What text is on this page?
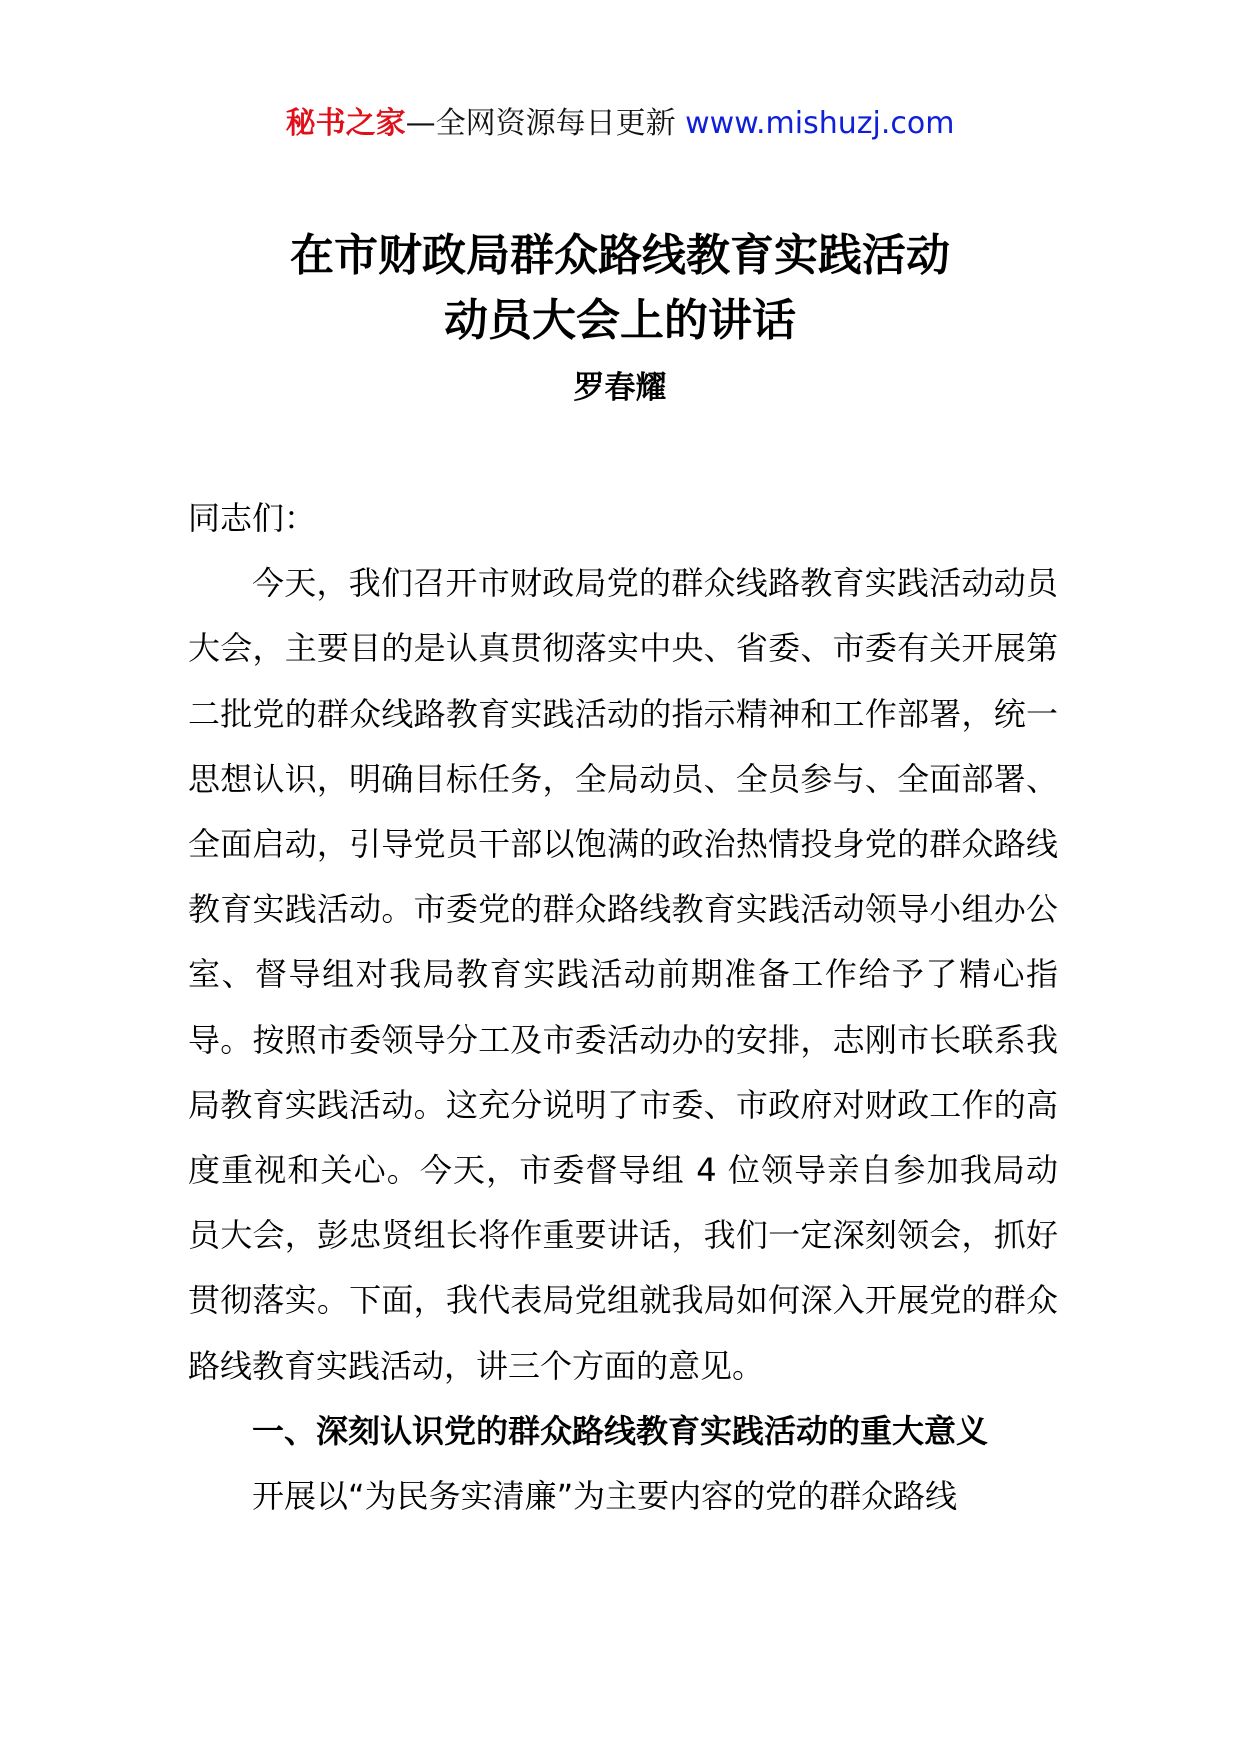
秘书之家—全网资源每日更新 www.mishuzj.com
在市财政局群众路线教育实践活动
动员大会上的讲话
罗春耀

同志们：

今天，我们召开市财政局党的群众线路教育实践活动动员大会，主要目的是认真贯彻落实中央、省委、市委有关开展第二批党的群众线路教育实践活动的指示精神和工作部署，统一思想认识，明确目标任务，全局动员、全员参与、全面部署、全面启动，引导党员干部以饱满的政治热情投身党的群众路线教育实践活动。市委党的群众路线教育实践活动领导小组办公室、督导组对我局教育实践活动前期准备工作给予了精心指导。按照市委领导分工及市委活动办的安排，志刚市长联系我局教育实践活动。这充分说明了市委、市政府对财政工作的高度重视和关心。今天，市委督导组 4 位领导亲自参加我局动员大会，彭忠贤组长将作重要讲话，我们一定深刻领会，抓好贯彻落实。下面，我代表局党组就我局如何深入开展党的群众路线教育实践活动，讲三个方面的意见。

一、深刻认识党的群众路线教育实践活动的重大意义

开展以“为民务实清廉”为主要内容的党的群众路线
